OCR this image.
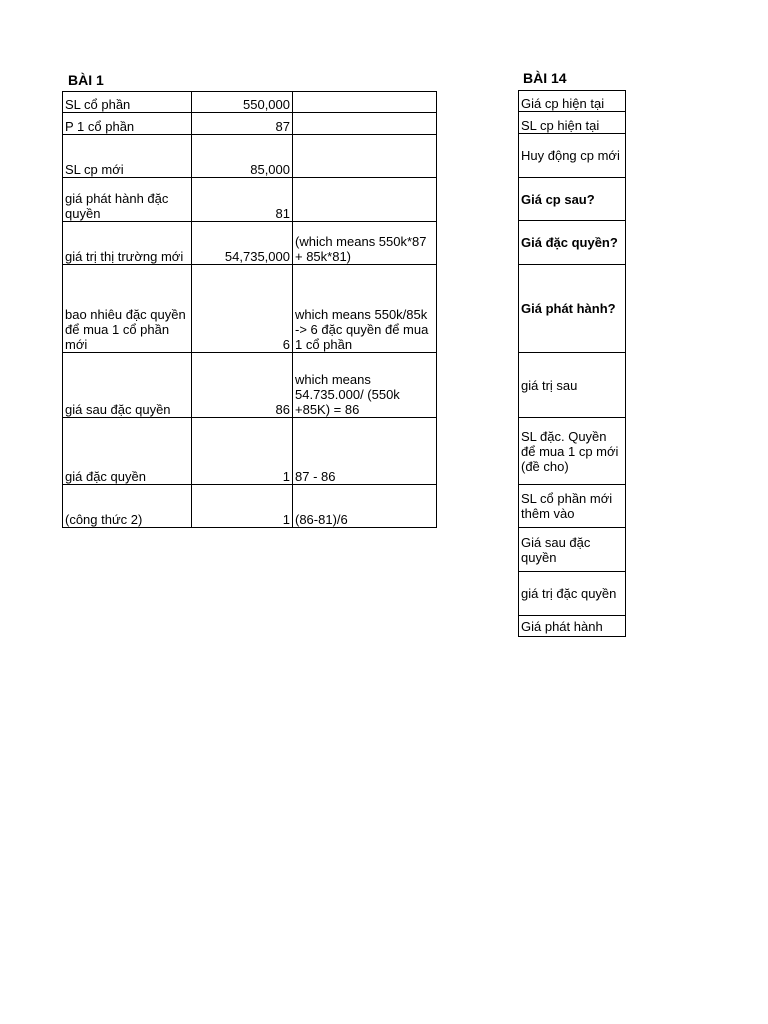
BÀI 1	BÀI 14
SL cổ phần	550,000	
P 1 cổ phần	87	
SL cp mới	85,000	
giá phát hành đặc quyền	81	
giá trị thị trường mới	54,735,000	(which means 550k*87 + 85k*81)
bao nhiêu đặc quyền để mua 1 cổ phần mới	6	which means 550k/85k -> 6 đặc quyền để mua 1 cổ phần
giá sau đặc quyền	86	which means 54.735.000/ (550k +85K) = 86
giá đặc quyền	1	87 - 86
(công thức 2)	1	(86-81)/6
Giá cp hiện tại
SL cp hiện tại
Huy động cp mới
Giá cp sau?
Giá đặc quyền?
Giá phát hành?
giá trị sau
SL đặc. Quyền để mua 1 cp mới (đề cho)
SL cổ phần mới thêm vào
Giá sau đặc quyền
giá trị đặc quyền
Giá phát hành
